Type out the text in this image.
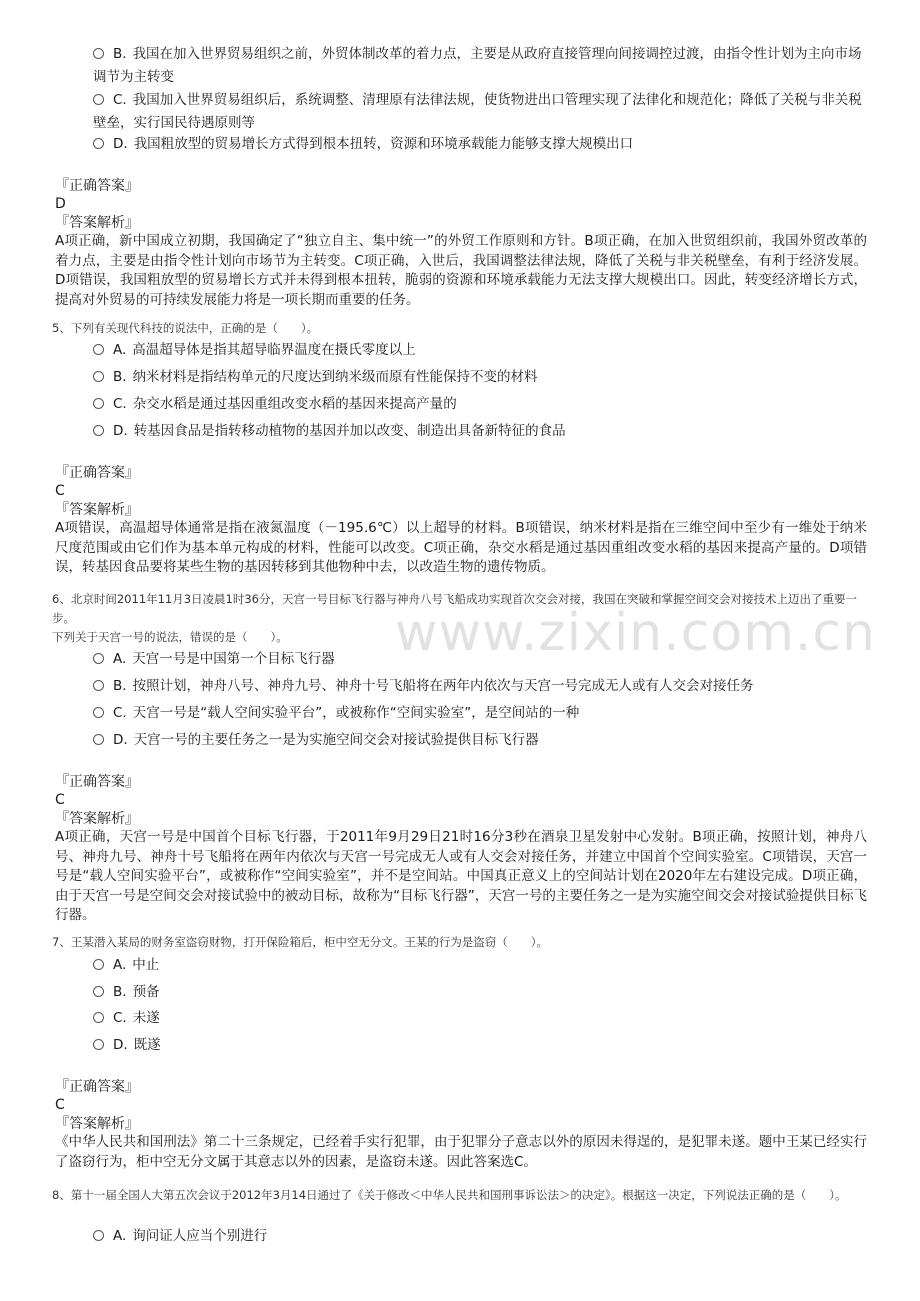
www.zixin.com.cn
B. 我国在加入世界贸易组织之前，外贸体制改革的着力点，主要是从政府直接管理向间接调控过渡，由指令性计划为主向市场调节为主转变
C. 我国加入世界贸易组织后，系统调整、清理原有法律法规，使货物进出口管理实现了法律化和规范化；降低了关税与非关税壁垒，实行国民待遇原则等
D. 我国粗放型的贸易增长方式得到根本扭转，资源和环境承载能力能够支撑大规模出口
『正确答案』
D
『答案解析』
A项正确，新中国成立初期，我国确定了“独立自主、集中统一”的外贸工作原则和方针。B项正确，在加入世贸组织前，我国外贸改革的着力点，主要是由指令性计划向市场节为主转变。C项正确，入世后，我国调整法律法规，降低了关税与非关税壁垒，有利于经济发展。D项错误，我国粗放型的贸易增长方式并未得到根本扭转，脆弱的资源和环境承载能力无法支撑大规模出口。因此，转变经济增长方式，提高对外贸易的可持续发展能力将是一项长期而重要的任务。
5、下列有关现代科技的说法中，正确的是（　　）。
A. 高温超导体是指其超导临界温度在摄氏零度以上
B. 纳米材料是指结构单元的尺度达到纳米级而原有性能保持不变的材料
C. 杂交水稻是通过基因重组改变水稻的基因来提高产量的
D. 转基因食品是指转移动植物的基因并加以改变、制造出具备新特征的食品
『正确答案』
C
『答案解析』
A项错误，高温超导体通常是指在液氮温度（－195.6℃）以上超导的材料。B项错误，纳米材料是指在三维空间中至少有一维处于纳米尺度范围或由它们作为基本单元构成的材料，性能可以改变。C项正确，杂交水稻是通过基因重组改变水稻的基因来提高产量的。D项错误，转基因食品要将某些生物的基因转移到其他物种中去，以改造生物的遗传物质。
6、北京时间2011年11月3日凌晨1时36分，天宫一号目标飞行器与神舟八号飞船成功实现首次交会对接，我国在突破和掌握空间交会对接技术上迈出了重要一步。
下列关于天宫一号的说法，错误的是（　　）。
A. 天宫一号是中国第一个目标飞行器
B. 按照计划，神舟八号、神舟九号、神舟十号飞船将在两年内依次与天宫一号完成无人或有人交会对接任务
C. 天宫一号是“载人空间实验平台”，或被称作“空间实验室”，是空间站的一种
D. 天宫一号的主要任务之一是为实施空间交会对接试验提供目标飞行器
『正确答案』
C
『答案解析』
A项正确，天宫一号是中国首个目标飞行器，于2011年9月29日21时16分3秒在酒泉卫星发射中心发射。B项正确，按照计划，神舟八号、神舟九号、神舟十号飞船将在两年内依次与天宫一号完成无人或有人交会对接任务，并建立中国首个空间实验室。C项错误，天宫一号是“载人空间实验平台”，或被称作“空间实验室”，并不是空间站。中国真正意义上的空间站计划在2020年左右建设完成。D项正确，由于天宫一号是空间交会对接试验中的被动目标，故称为“目标飞行器”，天宫一号的主要任务之一是为实施空间交会对接试验提供目标飞行器。
7、王某潜入某局的财务室盗窃财物，打开保险箱后，柜中空无分文。王某的行为是盗窃（　　）。
A. 中止
B. 预备
C. 未遂
D. 既遂
『正确答案』
C
『答案解析』
《中华人民共和国刑法》第二十三条规定，已经着手实行犯罪，由于犯罪分子意志以外的原因未得逞的，是犯罪未遂。题中王某已经实行了盗窃行为，柜中空无分文属于其意志以外的因素，是盗窃未遂。因此答案选C。
8、第十一届全国人大第五次会议于2012年3月14日通过了《关于修改＜中华人民共和国刑事诉讼法＞的决定》。根据这一决定，下列说法正确的是（　　）。
A. 询问证人应当个别进行
